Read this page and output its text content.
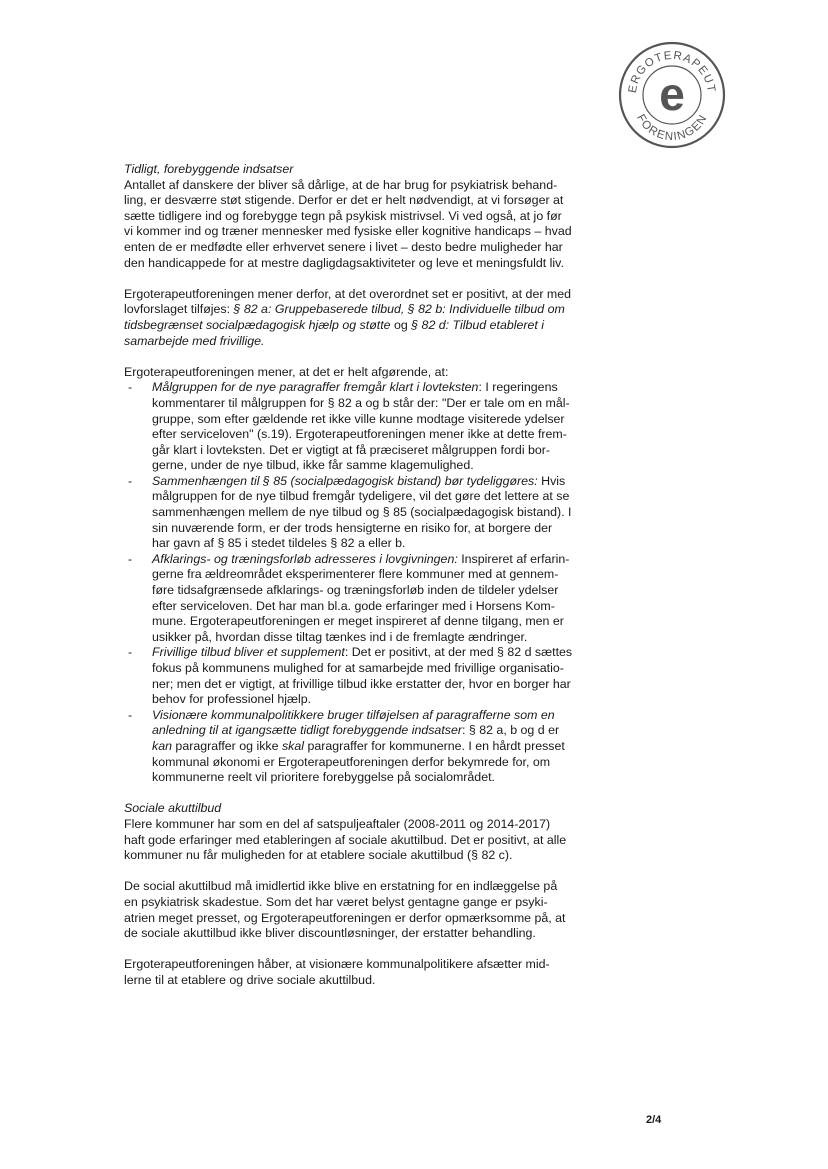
ERGOTERAPEUT
FORENINGEN
e

Tidligt, forebyggende indsatser

Antallet af danskere der bliver så dårlige, at de har brug for psykiatrisk behand-

ling, er desværre støt stigende. Derfor er det er helt nødvendigt, at vi forsøger at

sætte tidligere ind og forebygge tegn på psykisk mistrivsel. Vi ved også, at jo før

vi kommer ind og træner mennesker med fysiske eller kognitive handicaps – hvad

enten de er medfødte eller erhvervet senere i livet – desto bedre muligheder har

den handicappede for at mestre dagligdagsaktiviteter og leve et meningsfuldt liv.

Ergoterapeutforeningen mener derfor, at det overordnet set er positivt, at der med

lovforslaget tilføjes: § 82 a: Gruppebaserede tilbud, § 82 b: Individuelle tilbud om

tidsbegrænset socialpædagogisk hjælp og støtte og § 82 d: Tilbud etableret i

samarbejde med frivillige.

Ergoterapeutforeningen mener, at det er helt afgørende, at:

-	Målgruppen for de nye paragraffer fremgår klart i lovteksten: I regeringens

kommentarer til målgruppen for § 82 a og b står der: "Der er tale om en mål-

gruppe, som efter gældende ret ikke ville kunne modtage visiterede ydelser

efter serviceloven" (s.19). Ergoterapeutforeningen mener ikke at dette frem-

går klart i lovteksten. Det er vigtigt at få præciseret målgruppen fordi bor-

gerne, under de nye tilbud, ikke får samme klagemulighed.

-	Sammenhængen til § 85 (socialpædagogisk bistand) bør tydeliggøres: Hvis

målgruppen for de nye tilbud fremgår tydeligere, vil det gøre det lettere at se

sammenhængen mellem de nye tilbud og § 85 (socialpædagogisk bistand). I

sin nuværende form, er der trods hensigterne en risiko for, at borgere der

har gavn af § 85 i stedet tildeles § 82 a eller b.

-	Afklarings- og træningsforløb adresseres i lovgivningen: Inspireret af erfarin-

gerne fra ældreområdet eksperimenterer flere kommuner med at gennem-

føre tidsafgrænsede afklarings- og træningsforløb inden de tildeler ydelser

efter serviceloven. Det har man bl.a. gode erfaringer med i Horsens Kom-

mune. Ergoterapeutforeningen er meget inspireret af denne tilgang, men er

usikker på, hvordan disse tiltag tænkes ind i de fremlagte ændringer.

-	Frivillige tilbud bliver et supplement: Det er positivt, at der med § 82 d sættes

fokus på kommunens mulighed for at samarbejde med frivillige organisatio-

ner; men det er vigtigt, at frivillige tilbud ikke erstatter der, hvor en borger har

behov for professionel hjælp.

-	Visionære kommunalpolitikkere bruger tilføjelsen af paragrafferne som en

anledning til at igangsætte tidligt forebyggende indsatser: § 82 a, b og d er

kan paragraffer og ikke skal paragraffer for kommunerne. I en hårdt presset

kommunal økonomi er Ergoterapeutforeningen derfor bekymrede for, om

kommunerne reelt vil prioritere forebyggelse på socialområdet.

Sociale akuttilbud

Flere kommuner har som en del af satspuljeaftaler (2008-2011 og 2014-2017)

haft gode erfaringer med etableringen af sociale akuttilbud. Det er positivt, at alle

kommuner nu får muligheden for at etablere sociale akuttilbud (§ 82 c).

De social akuttilbud må imidlertid ikke blive en erstatning for en indlæggelse på

en psykiatrisk skadestue. Som det har været belyst gentagne gange er psyki-

atrien meget presset, og Ergoterapeutforeningen er derfor opmærksomme på, at

de sociale akuttilbud ikke bliver discountløsninger, der erstatter behandling.

Ergoterapeutforeningen håber, at visionære kommunalpolitikere afsætter mid-

lerne til at etablere og drive sociale akuttilbud.

2/4
